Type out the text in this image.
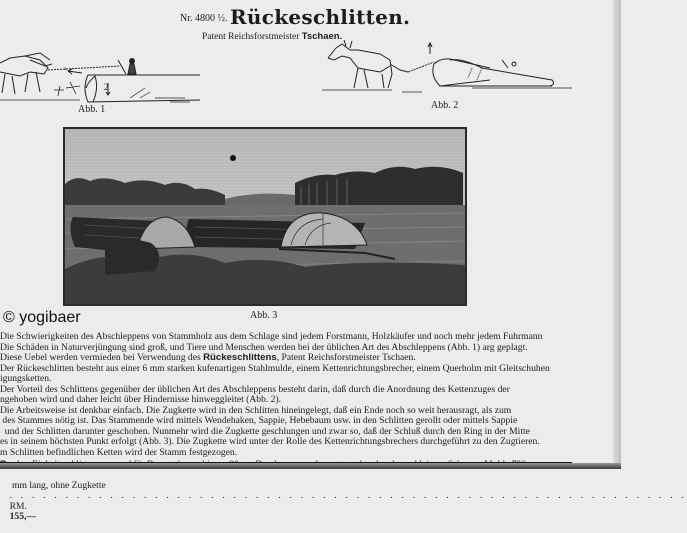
Nr. 4800 ½. Rückeschlitten.
Patent Reichsforstmeister Tschaen.
a
2
Abb. 1	Abb. 2
Abb. 3
© yogibaer
Die Schwierigkeiten des Abschleppens von Stammholz aus dem Schlage sind jedem Forstmann, Holzkäufer und noch mehr jedem Fuhrmann
Die Schäden in Naturverjüngung sind groß, und Tiere und Menschen werden bei der üblichen Art des Abschleppens (Abb. 1) arg geplagt.
Diese Uebel werden vermieden bei Verwendung des Rückeschlittens, Patent Reichsforstmeister Tschaen.
Der Rückeschlitten besteht aus einer 6 mm starken kufenartigen Stahlmulde, einem Kettenrichtungsbrecher, einem Querholm mit Gleitschuhen
igungsketten.
Der Vorteil des Schlittens gegenüber der üblichen Art des Abschleppens besteht darin, daß durch die Anordnung des Kettenzuges der
ngehoben wird und daher leicht über Hindernisse hinweggleitet (Abb. 2).
Die Arbeitsweise ist denkbar einfach. Die Zugkette wird in den Schlitten hineingelegt, daß ein Ende noch so weit herausragt, als zum
des Stammes nötig ist. Das Stammende wird mittels Wendehaken, Sappie, Hebebaum usw. in den Schlitten gerollt oder mittels Sappie
und der Schlitten darunter geschoben. Nunmehr wird die Zugkette geschlungen und zwar so, daß der Schluß durch den Ring in der Mitte
es in seinem höchsten Punkt erfolgt (Abb. 3). Die Zugkette wird unter der Rolle des Kettenrichtungsbrechers durchgeführt zu den Zugtieren.
m Schlitten befindlichen Ketten wird der Stamm festgezogen.

mm lang, ohne Zugkette
. . . . . . . . . . . . . . . . . . . . . . . . . . . . . . . . . . . . . . . . . . . . . . . . . . . . . . . . . . . . .
RM.
155,—
